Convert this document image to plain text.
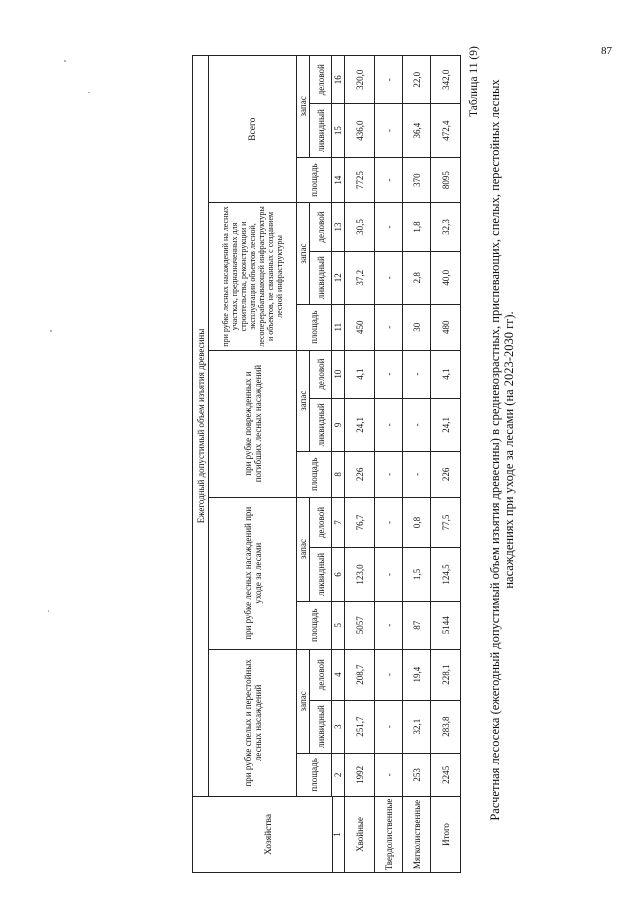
87
Таблица 11 (9) Расчетная лесосека (ежегодный допустимый объем изъятия древесины) в средневозрастных, приспевающих, спелых, перестойных лесных насаждениях при уходе за лесами (на 2023-2030 гг).
Хозяйства 1	Ежегодный допустимый объем изъятия древесины														
	при рубке спелых и перестойных лесных насаждений			при рубке лесных насаждений при уходе за лесами			при рубке поврежденных и погибших лесных насаждений			при рубке лесных насаждений на лесных участках, предназначенных для строительства, реконструкции и эксплуатации объектов лесной, лесоперерабатывающей инфраструктуры и объектов, не связанных с созданием лесной инфраструктуры			Всего		
	площадь	запас		площадь	запас		площадь	запас		площадь	запас		площадь	запас	
		ликвидный	деловой		ликвидный	деловой		ликвидный	деловой		ликвидный	деловой		ликвидный	деловой
	2	3	4	5	6	7	8	9	10	11	12	13	14	15	16

Хвойные	1992	251,7	208,7	5057	123,0	76,7	226	24,1	4,1	450	37,2	30,5	7725	436,0	320,0
Твердолиственные	-	-	-	-	-	-	-	-	-	-	-	-	-	-	-
Мягколиственные	253	32,1	19,4	87	1,5	0,8	-	-	-	30	2,8	1,8	370	36,4	22,0
Итого	2245	283,8	228,1	5144	124,5	77,5	226	24,1	4,1	480	40,0	32,3	8095	472,4	342,0
